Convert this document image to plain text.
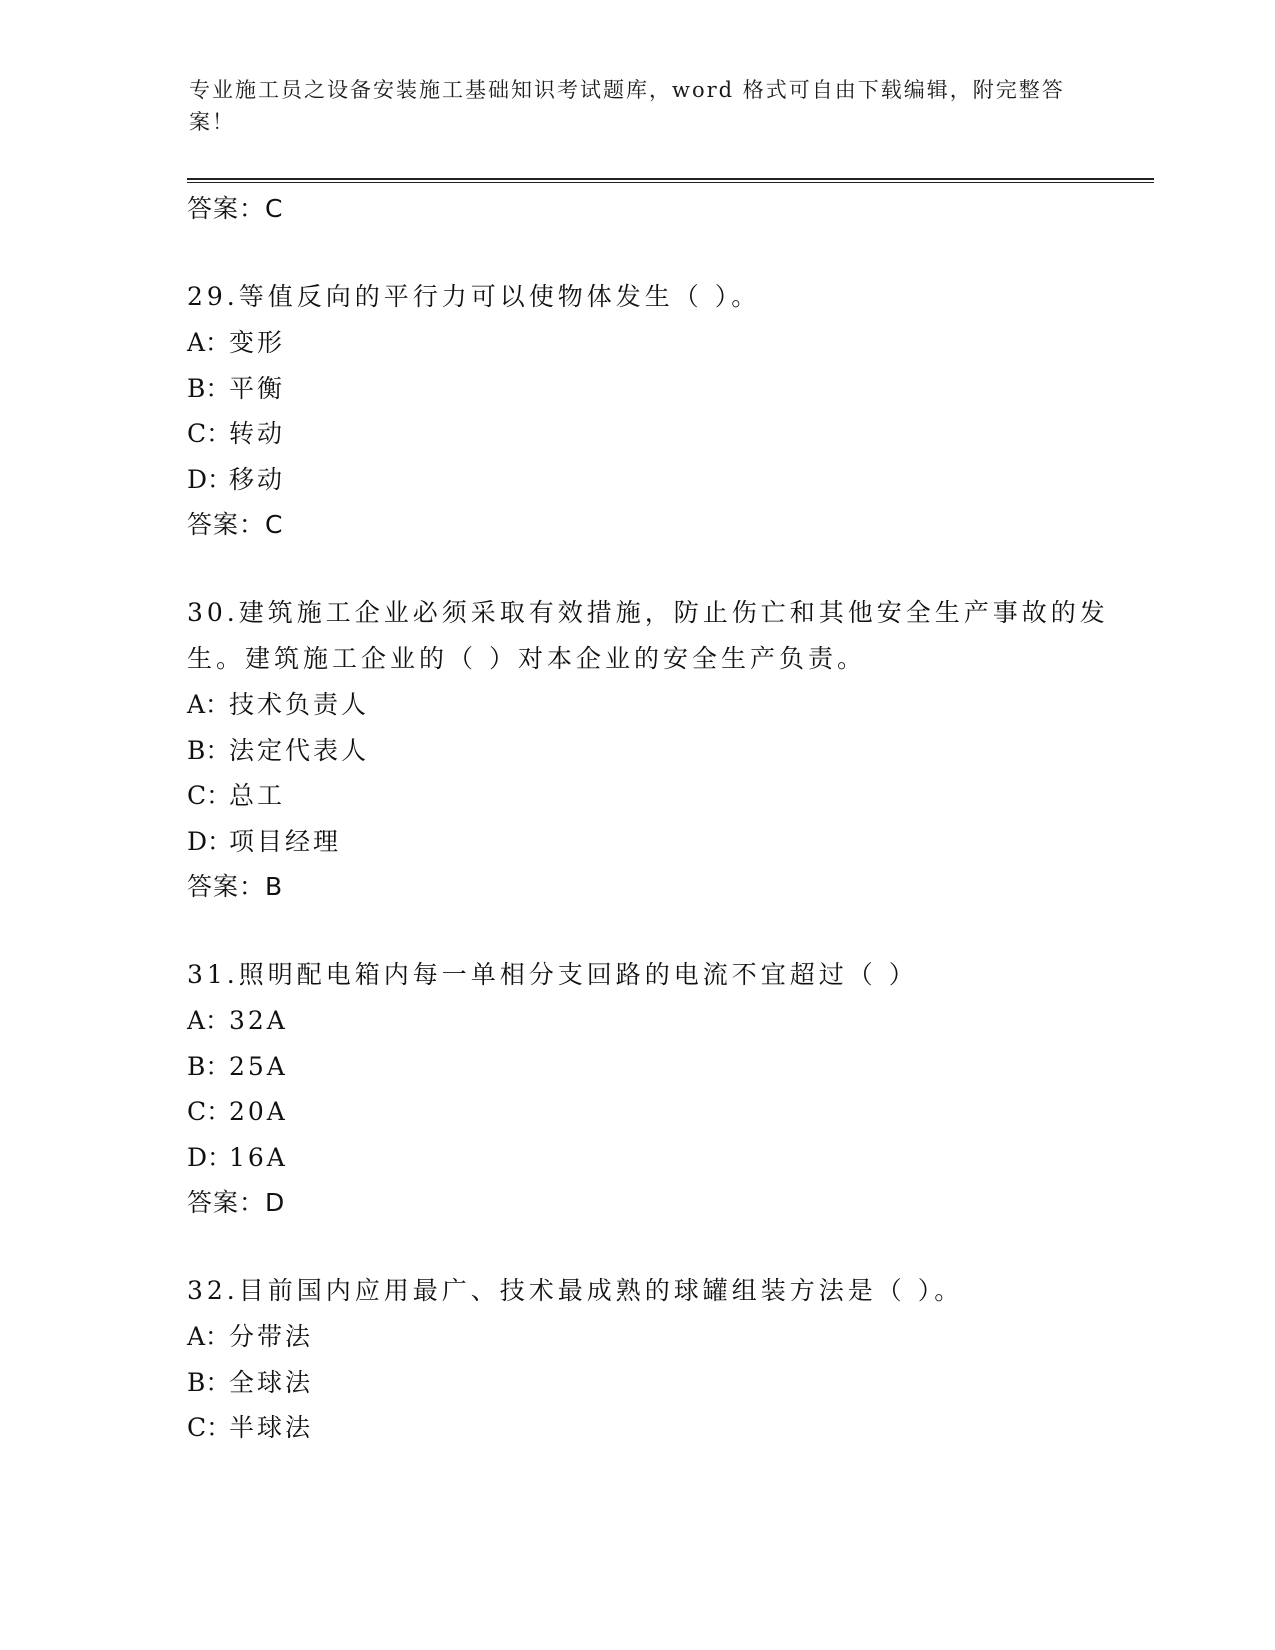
专业施工员之设备安装施工基础知识考试题库，word 格式可自由下载编辑，附完整答案！
答案：C
29.等值反向的平行力可以使物体发生（ ）。
A：变形
B：平衡
C：转动
D：移动
答案：C
30.建筑施工企业必须采取有效措施，防止伤亡和其他安全生产事故的发生。建筑施工企业的（ ）对本企业的安全生产负责。
A：技术负责人
B：法定代表人
C：总工
D：项目经理
答案：B
31.照明配电箱内每一单相分支回路的电流不宜超过（ ）
A：32A
B：25A
C：20A
D：16A
答案：D
32.目前国内应用最广、技术最成熟的球罐组装方法是（ ）。
A：分带法
B：全球法
C：半球法
